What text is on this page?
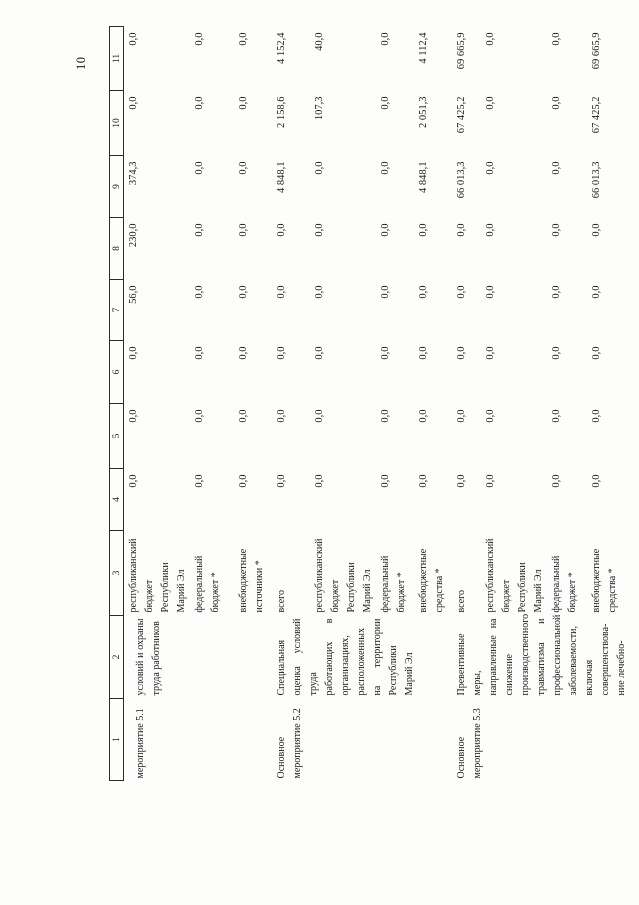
10
1	2	3	4	5	6	7	8	9	10	11
мероприятие 5.1	условий и охраны труда работников	республиканский бюджет Республики Марий Эл	0,0	0,0	0,0	56,0	230,0	374,3	0,0	0,0
		федеральный бюджет *	0,0	0,0	0,0	0,0	0,0	0,0	0,0	0,0
		внебюджетные источники *	0,0	0,0	0,0	0,0	0,0	0,0	0,0	0,0
Основное мероприятие 5.2	Специальная оценка условий труда работающих в организациях, расположенных на территории Республики Марий Эл	всего	0,0	0,0	0,0	0,0	0,0	4 848,1	2 158,6	4 152,4
		республиканский бюджет Республики Марий Эл	0,0	0,0	0,0	0,0	0,0	0,0	107,3	40,0
		федеральный бюджет *	0,0	0,0	0,0	0,0	0,0	0,0	0,0	0,0
		внебюджетные средства *	0,0	0,0	0,0	0,0	0,0	4 848,1	2 051,3	4 112,4
Основное мероприятие 5.3	Превентивные меры, направленные на снижение производственного травматизма и профессиональной заболеваемости, включая совершенствова-ние лечебно-	всего	0,0	0,0	0,0	0,0	0,0	66 013,3	67 425,2	69 665,9
		республиканский бюджет Республики Марий Эл	0,0	0,0	0,0	0,0	0,0	0,0	0,0	0,0
		федеральный бюджет *	0,0	0,0	0,0	0,0	0,0	0,0	0,0	0,0
		внебюджетные средства *	0,0	0,0	0,0	0,0	0,0	66 013,3	67 425,2	69 665,9
